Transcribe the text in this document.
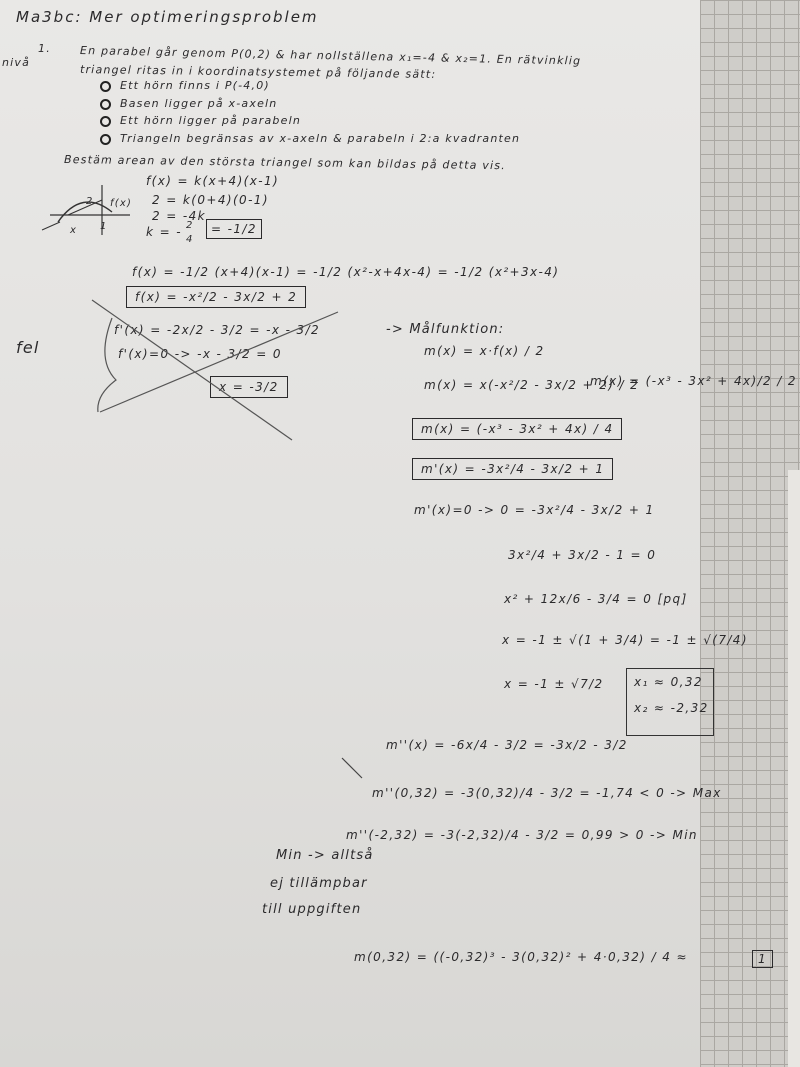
Ma3bc: Mer optimeringsproblem
nivå
1.	En parabel går genom P(0,2) & har nollställena x₁=-4 & x₂=1. En rätvinklig
triangel ritas in i koordinatsystemet på följande sätt:
Ett hörn finns i P(-4,0)
Basen ligger på x-axeln
Ett hörn ligger på parabeln
Triangeln begränsas av x-axeln & parabeln i 2:a kvadranten
Bestäm arean av den största triangel som kan bildas på detta vis.
f(x)
2
x 1
f(x) = k(x+4)(x-1)
2 = k(0+4)(0-1)
2 = -4k
k = - 2
4
= -1/2
f(x) = -1/2 (x+4)(x-1) = -1/2 (x²-x+4x-4) = -1/2 (x²+3x-4)
f(x) = -x²/2 - 3x/2 + 2
f'(x) = -2x/2 - 3/2 = -x - 3/2
f'(x)=0 -> -x - 3/2 = 0
x = -3/2
fel
-> Målfunktion:
m(x) = x·f(x) / 2
m(x) = x(-x²/2 - 3x/2 + 2) / 2
m(x) = (-x³ - 3x² + 4x)/2 / 2
m(x) = (-x³ - 3x² + 4x) / 4
m'(x) = -3x²/4 - 3x/2 + 1
m'(x)=0 -> 0 = -3x²/4 - 3x/2 + 1
3x²/4 + 3x/2 - 1 = 0
x² + 12x/6 - 3/4 = 0 [pq]
x = -1 ± √(1 + 3/4) = -1 ± √(7/4)
x = -1 ± √7/2	x₁ ≈ 0,32
x₂ ≈ -2,32
m''(x) = -6x/4 - 3/2 = -3x/2 - 3/2
m''(0,32) = -3(0,32)/4 - 3/2 = -1,74 < 0 -> Max
m''(-2,32) = -3(-2,32)/4 - 3/2 = 0,99 > 0 -> Min
Min -> alltså
ej tillämpbar
till uppgiften
m(0,32) = ((-0,32)³ - 3(0,32)² + 4·0,32) / 4 ≈	1
